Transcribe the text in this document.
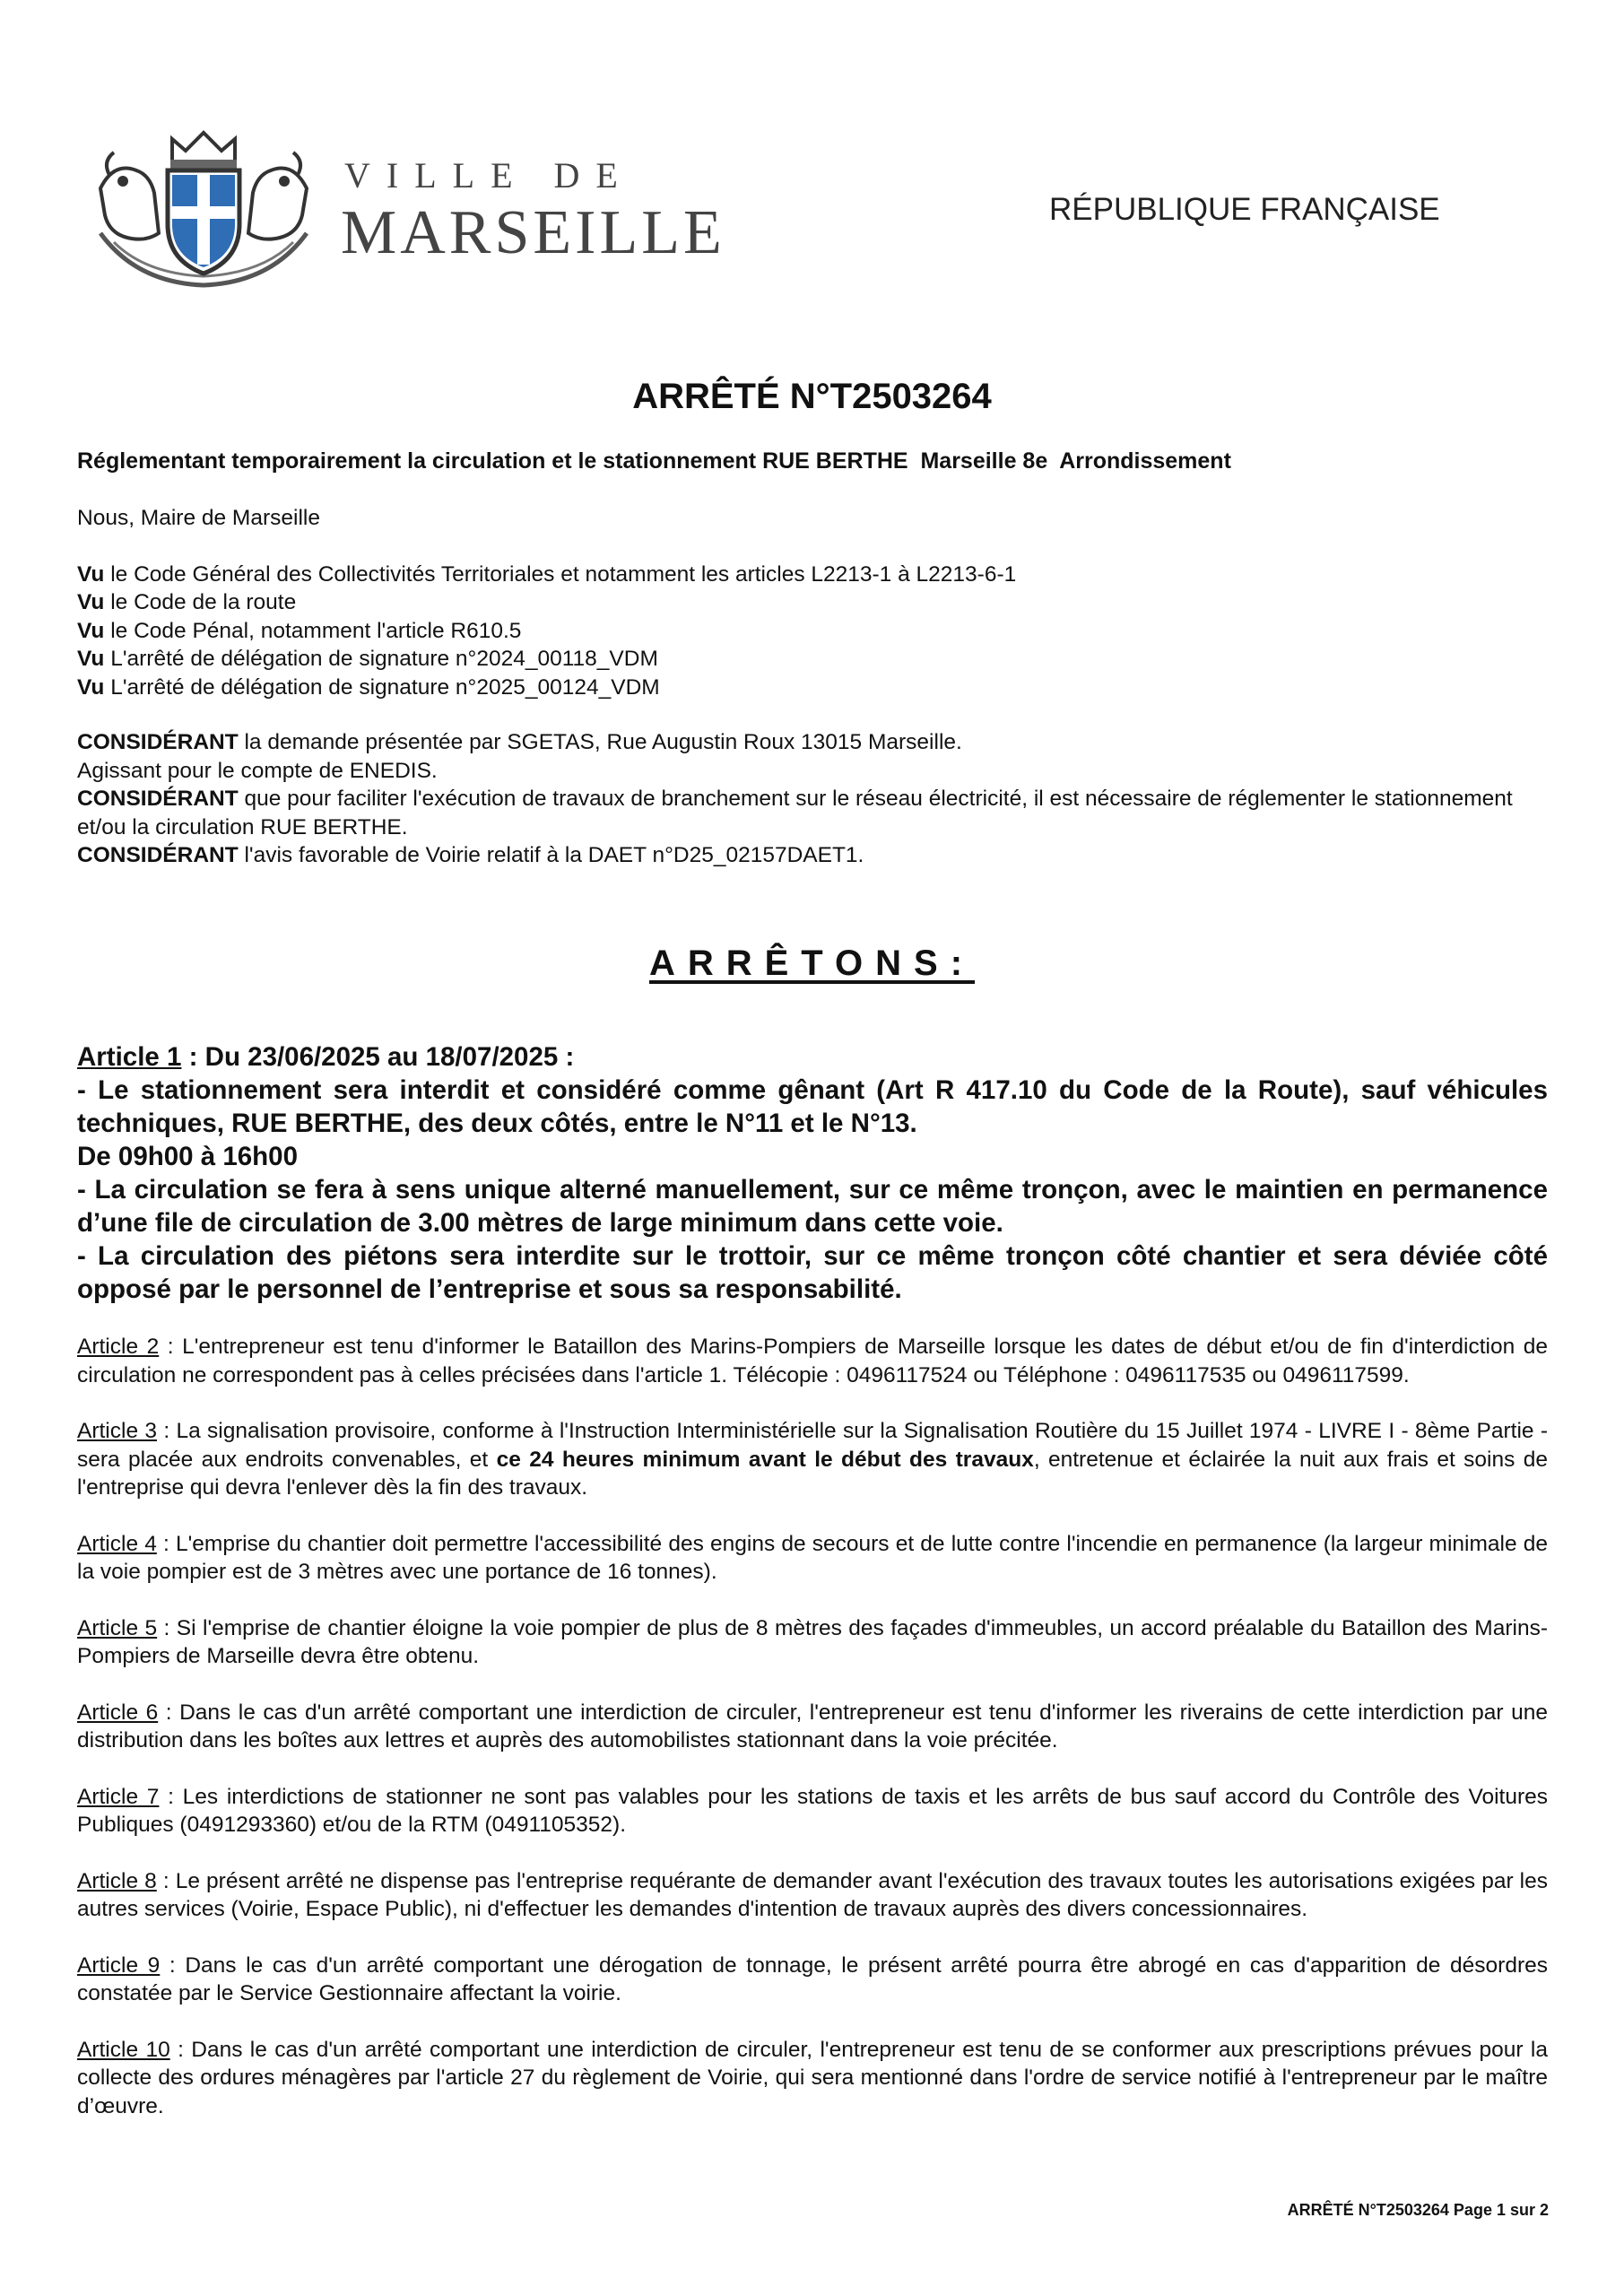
VILLE DE
MARSEILLE	RÉPUBLIQUE FRANÇAISE
ARRÊTÉ N°T2503264
Réglementant temporairement la circulation et le stationnement RUE BERTHE  Marseille 8e  Arrondissement

Nous, Maire de Marseille

Vu le Code Général des Collectivités Territoriales et notamment les articles L2213-1 à L2213-6-1

Vu le Code de la route

Vu le Code Pénal, notamment l'article R610.5

Vu L'arrêté de délégation de signature n°2024_00118_VDM

Vu L'arrêté de délégation de signature n°2025_00124_VDM

CONSIDÉRANT la demande présentée par SGETAS, Rue Augustin Roux 13015 Marseille.

Agissant pour le compte de ENEDIS.

CONSIDÉRANT que pour faciliter l'exécution de travaux de branchement sur le réseau électricité, il est nécessaire de réglementer le stationnement et/ou la circulation RUE BERTHE.

CONSIDÉRANT l'avis favorable de Voirie relatif à la DAET n°D25_02157DAET1.

ARRÊTONS:

Article 1 : Du 23/06/2025 au 18/07/2025 :

- Le stationnement sera interdit et considéré comme gênant (Art R 417.10 du Code de la Route), sauf véhicules techniques, RUE BERTHE, des deux côtés, entre le N°11 et le N°13.

De 09h00 à 16h00

- La circulation se fera à sens unique alterné manuellement, sur ce même tronçon, avec le maintien en permanence d’une file de circulation de 3.00 mètres de large minimum dans cette voie.

- La circulation des piétons sera interdite sur le trottoir, sur ce même tronçon côté chantier et sera déviée côté opposé par le personnel de l’entreprise et sous sa responsabilité.

Article 2 : L'entrepreneur est tenu d'informer le Bataillon des Marins-Pompiers de Marseille lorsque les dates de début et/ou de fin d'interdiction de circulation ne correspondent pas à celles précisées dans l'article 1. Télécopie : 0496117524 ou Téléphone : 0496117535 ou 0496117599.

Article 3 : La signalisation provisoire, conforme à l'Instruction Interministérielle sur la Signalisation Routière du 15 Juillet 1974 - LIVRE I - 8ème Partie - sera placée aux endroits convenables, et ce 24 heures minimum avant le début des travaux, entretenue et éclairée la nuit aux frais et soins de l'entreprise qui devra l'enlever dès la fin des travaux.

Article 4 : L'emprise du chantier doit permettre l'accessibilité des engins de secours et de lutte contre l'incendie en permanence (la largeur minimale de la voie pompier est de 3 mètres avec une portance de 16 tonnes).

Article 5 : Si l'emprise de chantier éloigne la voie pompier de plus de 8 mètres des façades d'immeubles, un accord préalable du Bataillon des Marins-Pompiers de Marseille devra être obtenu.

Article 6 : Dans le cas d'un arrêté comportant une interdiction de circuler, l'entrepreneur est tenu d'informer les riverains de cette interdiction par une distribution dans les boîtes aux lettres et auprès des automobilistes stationnant dans la voie précitée.

Article 7 : Les interdictions de stationner ne sont pas valables pour les stations de taxis et les arrêts de bus sauf accord du Contrôle des Voitures Publiques (0491293360) et/ou de la RTM (0491105352).

Article 8 : Le présent arrêté ne dispense pas l'entreprise requérante de demander avant l'exécution des travaux toutes les autorisations exigées par les autres services (Voirie, Espace Public), ni d'effectuer les demandes d'intention de travaux auprès des divers concessionnaires.

Article 9 : Dans le cas d'un arrêté comportant une dérogation de tonnage, le présent arrêté pourra être abrogé en cas d'apparition de désordres constatée par le Service Gestionnaire affectant la voirie.

Article 10 : Dans le cas d'un arrêté comportant une interdiction de circuler, l'entrepreneur est tenu de se conformer aux prescriptions prévues pour la collecte des ordures ménagères par l'article 27 du règlement de Voirie, qui sera mentionné dans l'ordre de service notifié à l'entrepreneur par le maître d’œuvre.

ARRÊTÉ N°T2503264 Page 1 sur 2
